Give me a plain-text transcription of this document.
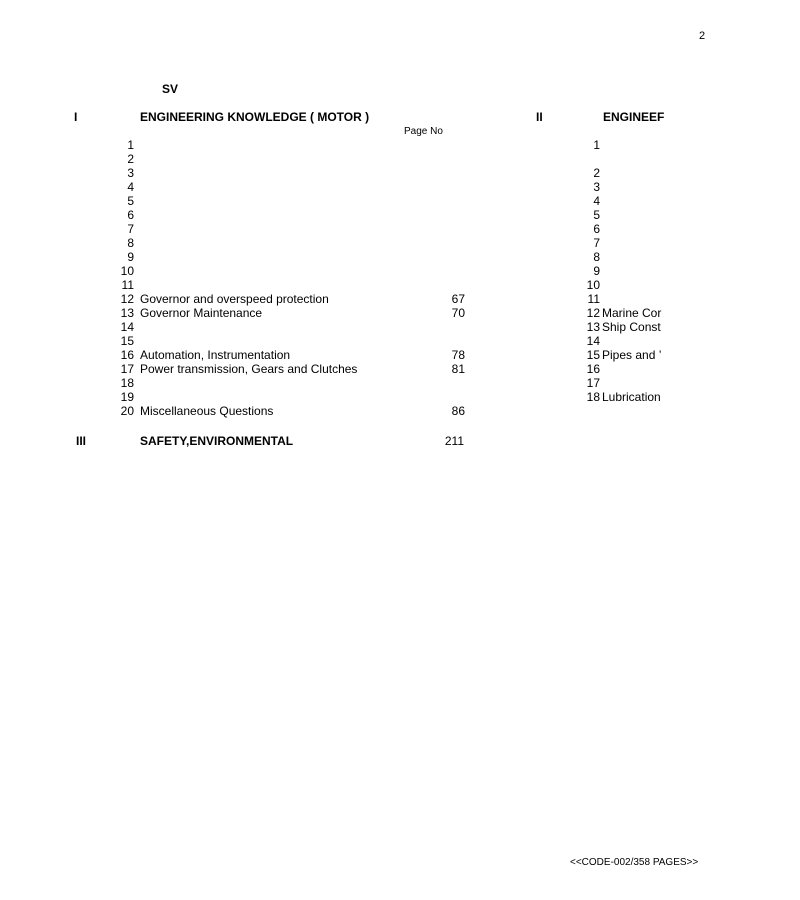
2
SV
I	ENGINEERING KNOWLEDGE ( MOTOR )
Page No
1
2
3
4
5
6
7
8
9
10
11
12 Governor and overspeed protection	67
13 Governor Maintenance	70
14
15
16 Automation, Instrumentation	78
17 Power transmission, Gears and Clutches	81
18
19
20 Miscellaneous Questions	86
II	ENGINEEF
1
2
3
4
5
6
7
8
9
10
11
12 Marine Cor
13 Ship Const
14
15 Pipes and ’
16
17
18 Lubrication
III	SAFETY,ENVIRONMENTAL	211
<<CODE-002/358 PAGES>>
